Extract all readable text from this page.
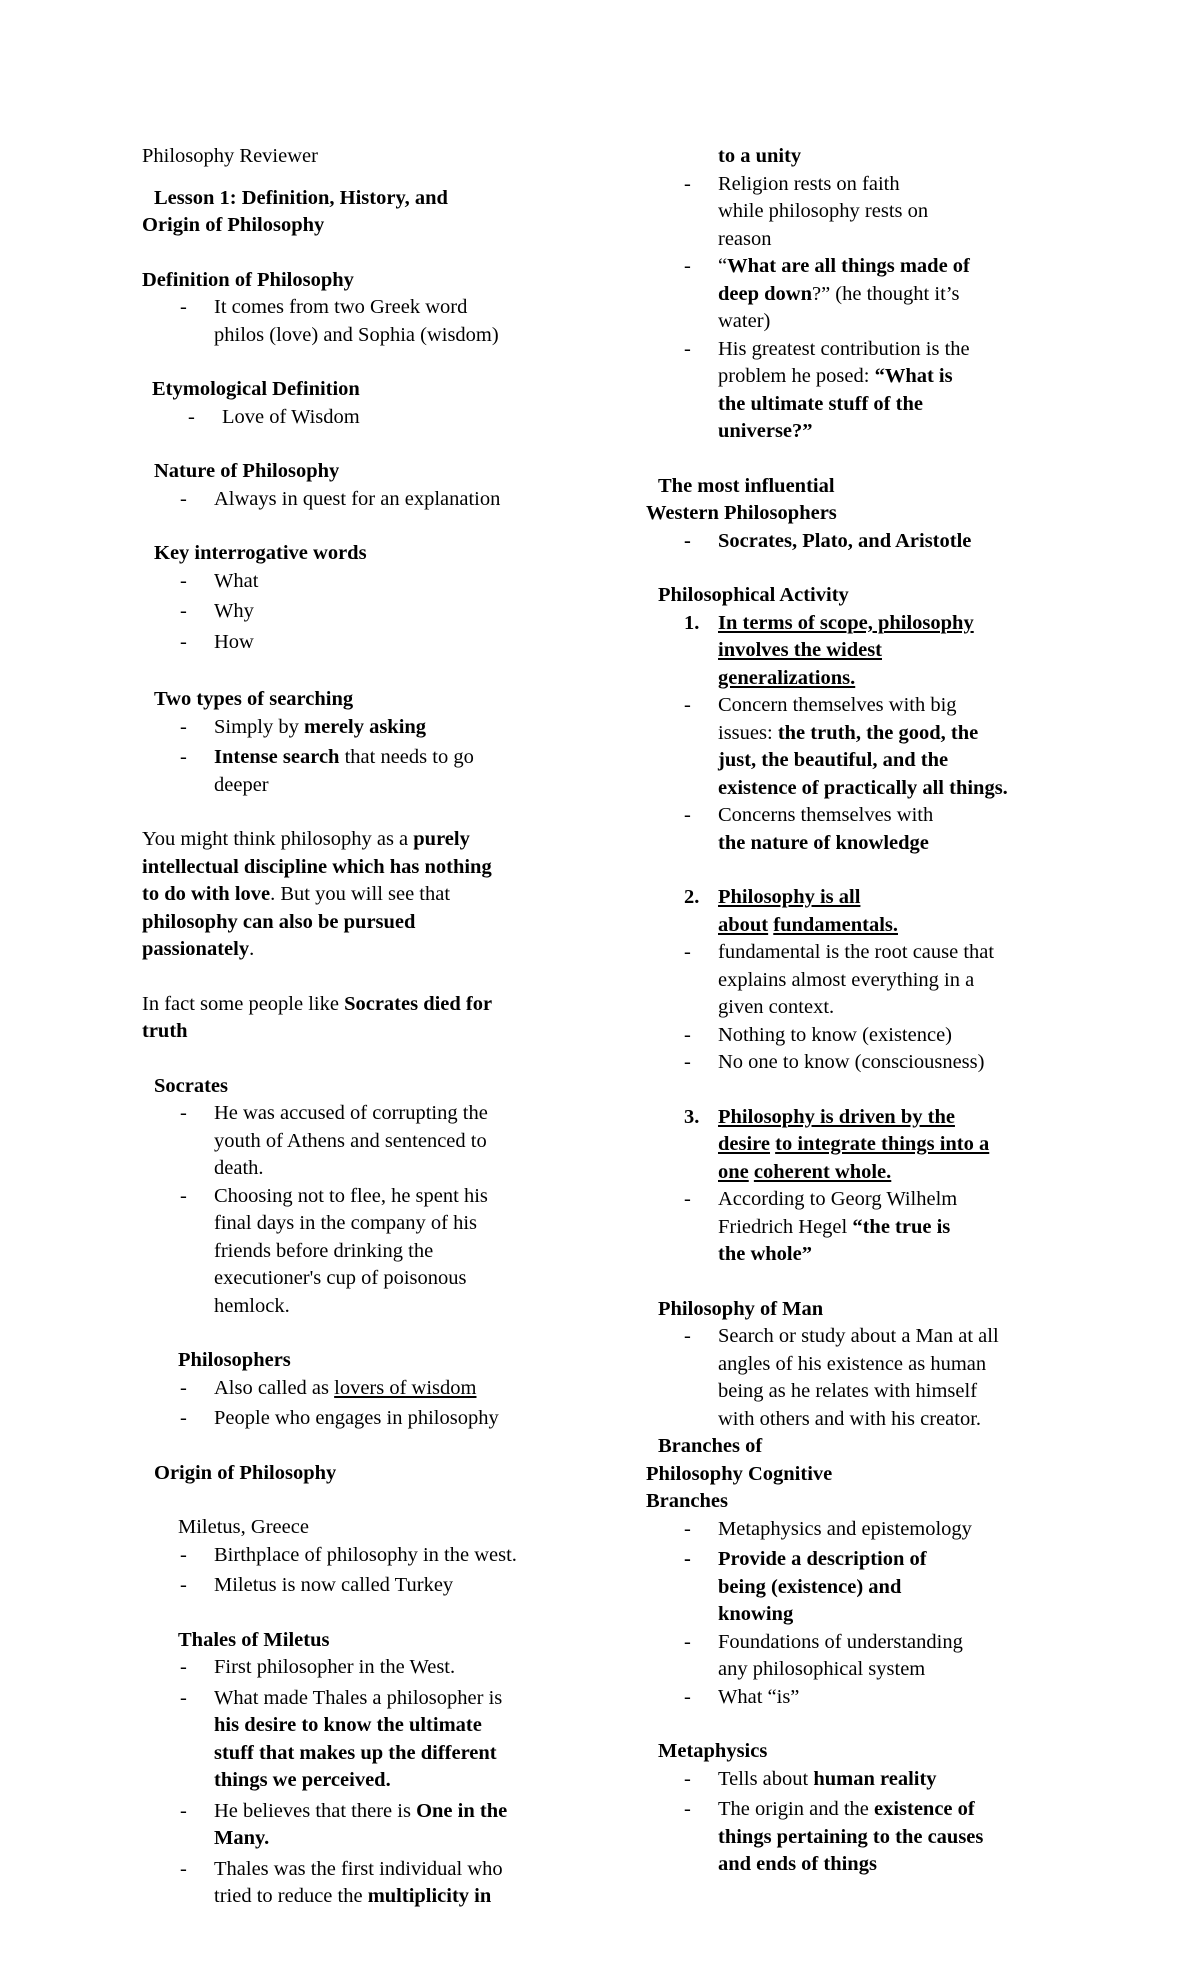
Philosophy Reviewer
Lesson 1: Definition, History, and
Origin of Philosophy
Definition of Philosophy
- It comes from two Greek word
philos (love) and Sophia (wisdom)
Etymological Definition
- Love of Wisdom
Nature of Philosophy
- Always in quest for an explanation
Key interrogative words
- What
- Why
- How
Two types of searching
- Simply by merely asking
- Intense search that needs to go
deeper
You might think philosophy as a purely
intellectual discipline which has nothing
to do with love. But you will see that
philosophy can also be pursued
passionately.
In fact some people like Socrates died for
truth
Socrates
- He was accused of corrupting the
youth of Athens and sentenced to
death.
- Choosing not to flee, he spent his
final days in the company of his
friends before drinking the
executioner's cup of poisonous
hemlock.
Philosophers
- Also called as lovers of wisdom
- People who engages in philosophy
Origin of Philosophy
Miletus, Greece
- Birthplace of philosophy in the west.
- Miletus is now called Turkey
Thales of Miletus
- First philosopher in the West.
- What made Thales a philosopher is
his desire to know the ultimate
stuff that makes up the different
things we perceived.
- He believes that there is One in the
Many.
- Thales was the first individual who
tried to reduce the multiplicity in
to a unity
- Religion rests on faith
while philosophy rests on
reason
- “What are all things made of
deep down?” (he thought it’s
water)
- His greatest contribution is the
problem he posed: “What is
the ultimate stuff of the
universe?”
The most influential
Western Philosophers
- Socrates, Plato, and Aristotle
Philosophical Activity
1. In terms of scope, philosophy
involves the widest
generalizations.
- Concern themselves with big
issues: the truth, the good, the
just, the beautiful, and the
existence of practically all things.
- Concerns themselves with
the nature of knowledge
2. Philosophy is all
about fundamentals.
- fundamental is the root cause that
explains almost everything in a
given context.
- Nothing to know (existence)
- No one to know (consciousness)
3. Philosophy is driven by the
desire to integrate things into a
one coherent whole.
- According to Georg Wilhelm
Friedrich Hegel “the true is
the whole”
Philosophy of Man
- Search or study about a Man at all
angles of his existence as human
being as he relates with himself
with others and with his creator.
Branches of
Philosophy Cognitive
Branches
- Metaphysics and epistemology
- Provide a description of
being (existence) and
knowing
- Foundations of understanding
any philosophical system
- What “is”
Metaphysics
- Tells about human reality
- The origin and the existence of
things pertaining to the causes
and ends of things
